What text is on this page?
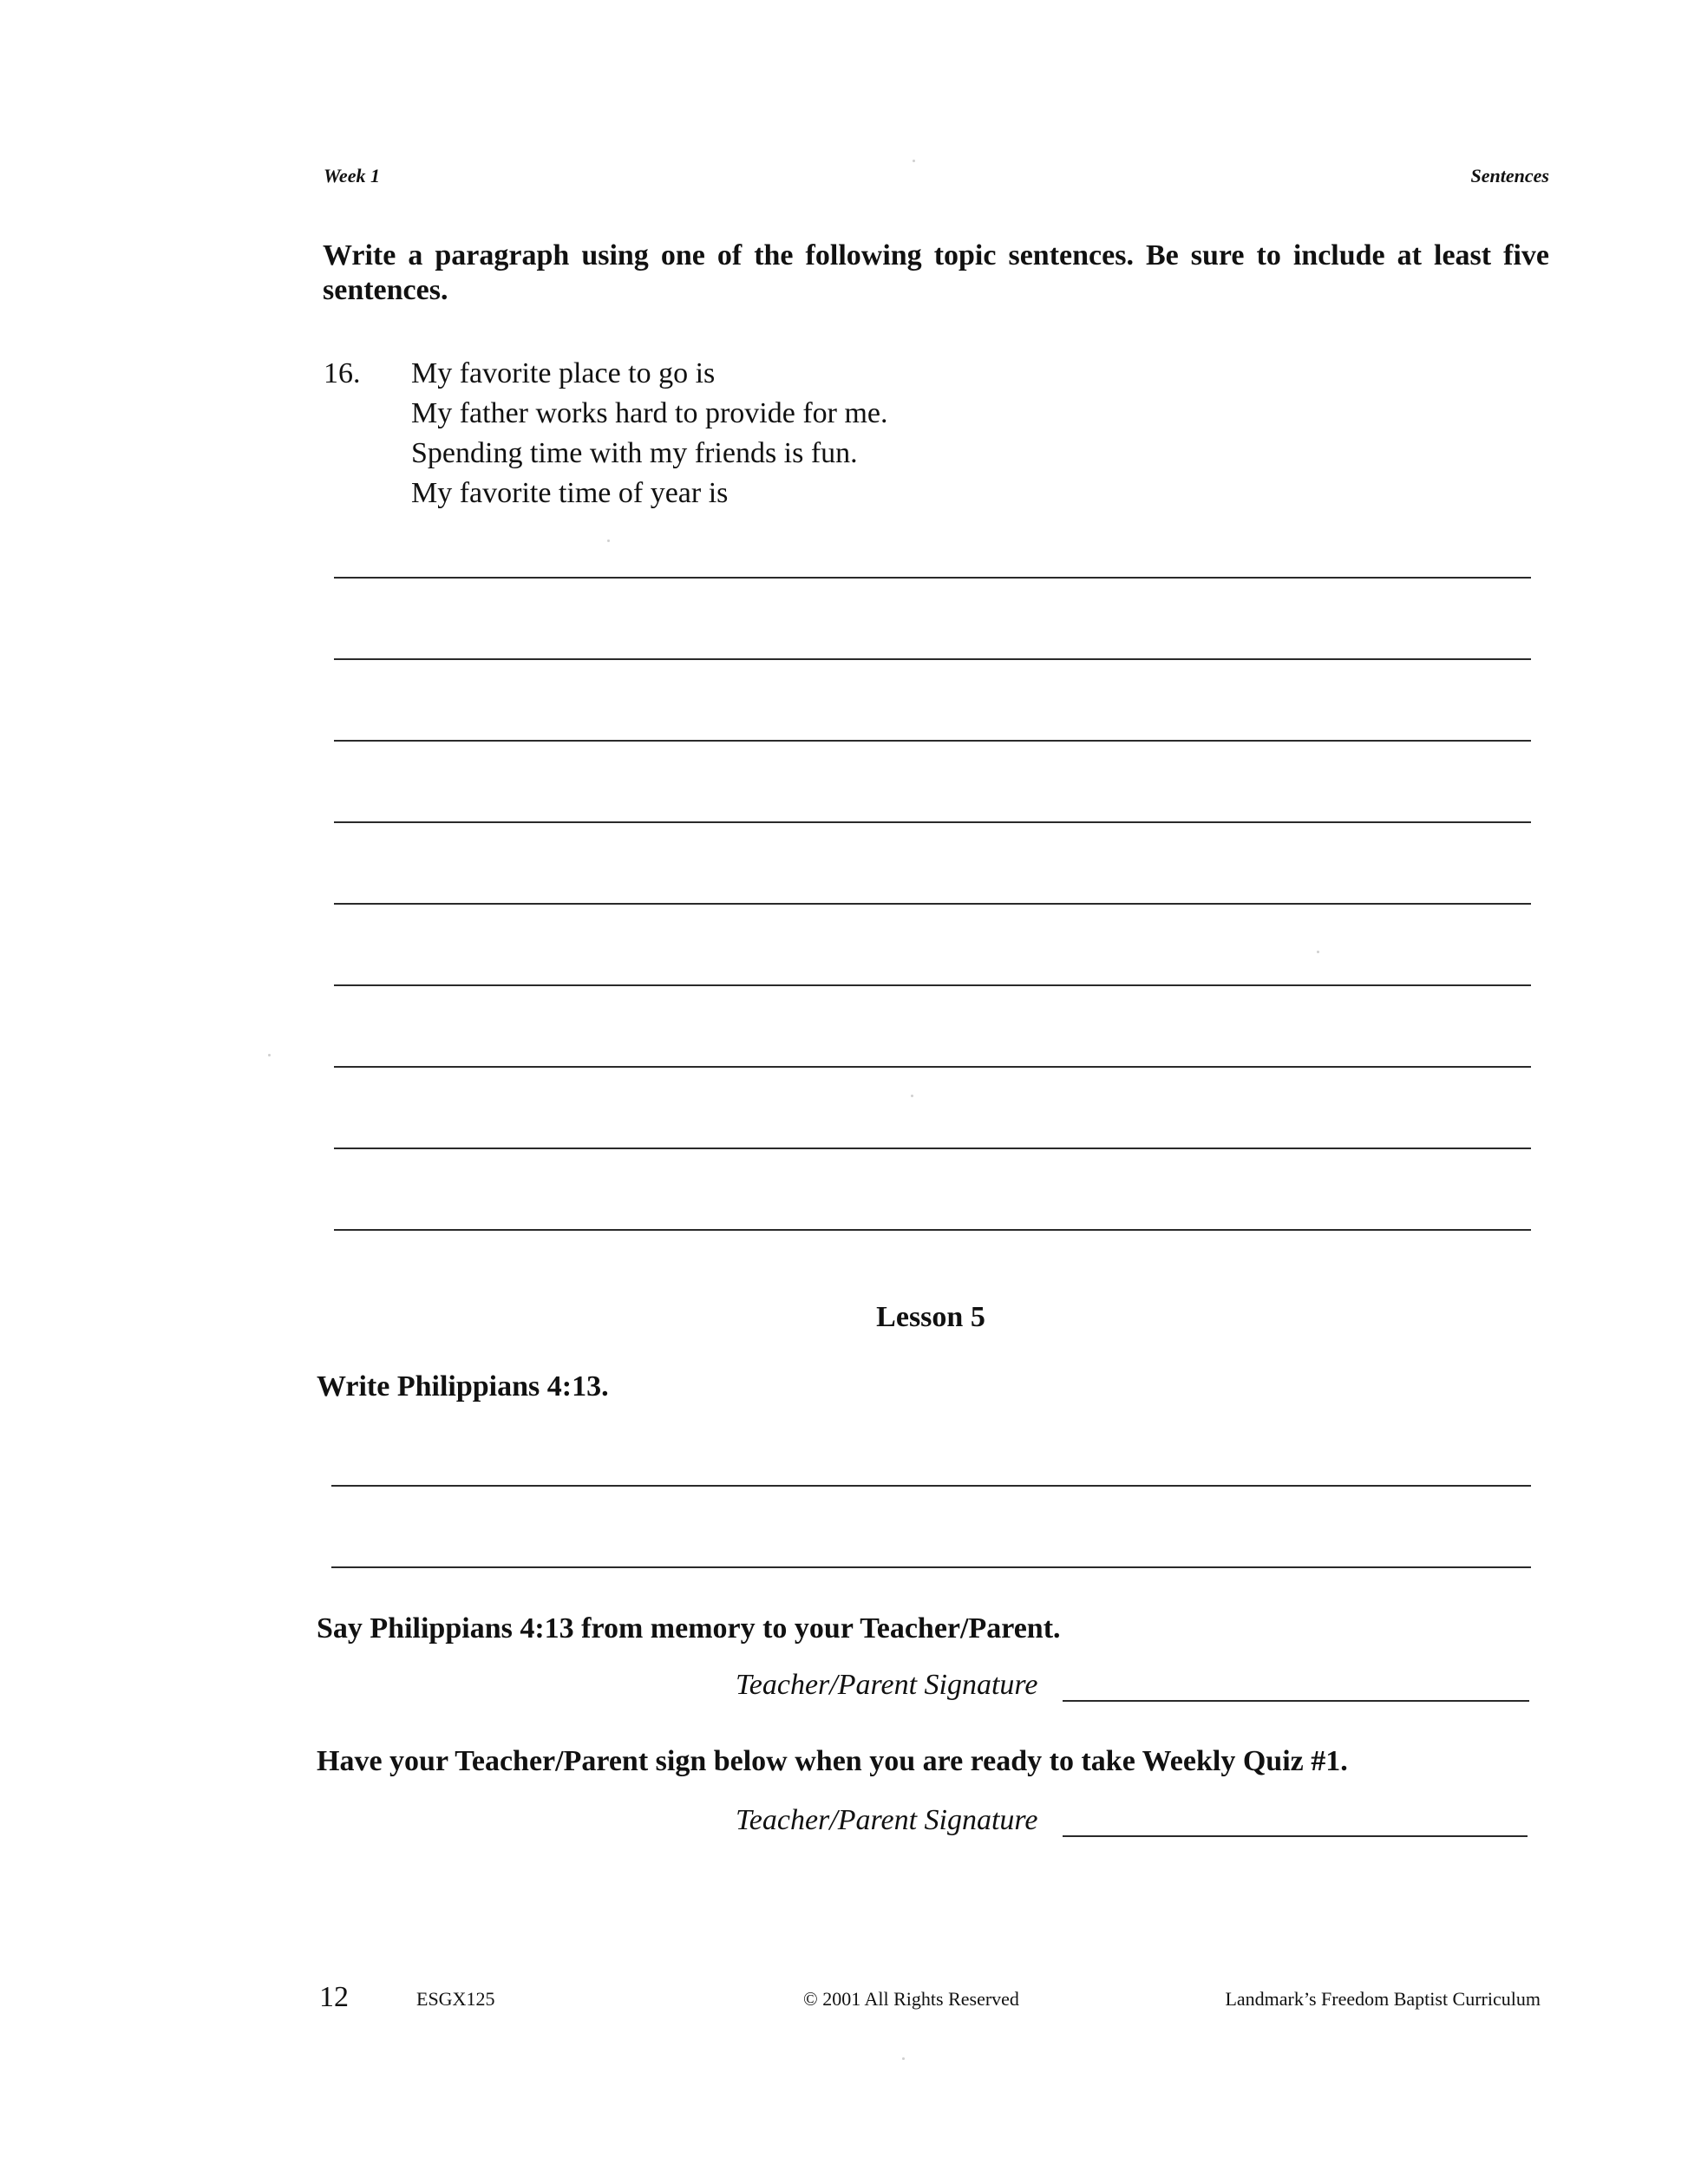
Week 1	Sentences
Write a paragraph using one of the following topic sentences. Be sure to include at least five sentences.
16. My favorite place to go is
My father works hard to provide for me.
Spending time with my friends is fun.
My favorite time of year is
Lesson 5
Write Philippians 4:13.
Say Philippians 4:13 from memory to your Teacher/Parent.
Teacher/Parent Signature
Have your Teacher/Parent sign below when you are ready to take Weekly Quiz #1.
Teacher/Parent Signature
12	ESGX125	© 2001 All Rights Reserved	Landmark’s Freedom Baptist Curriculum
